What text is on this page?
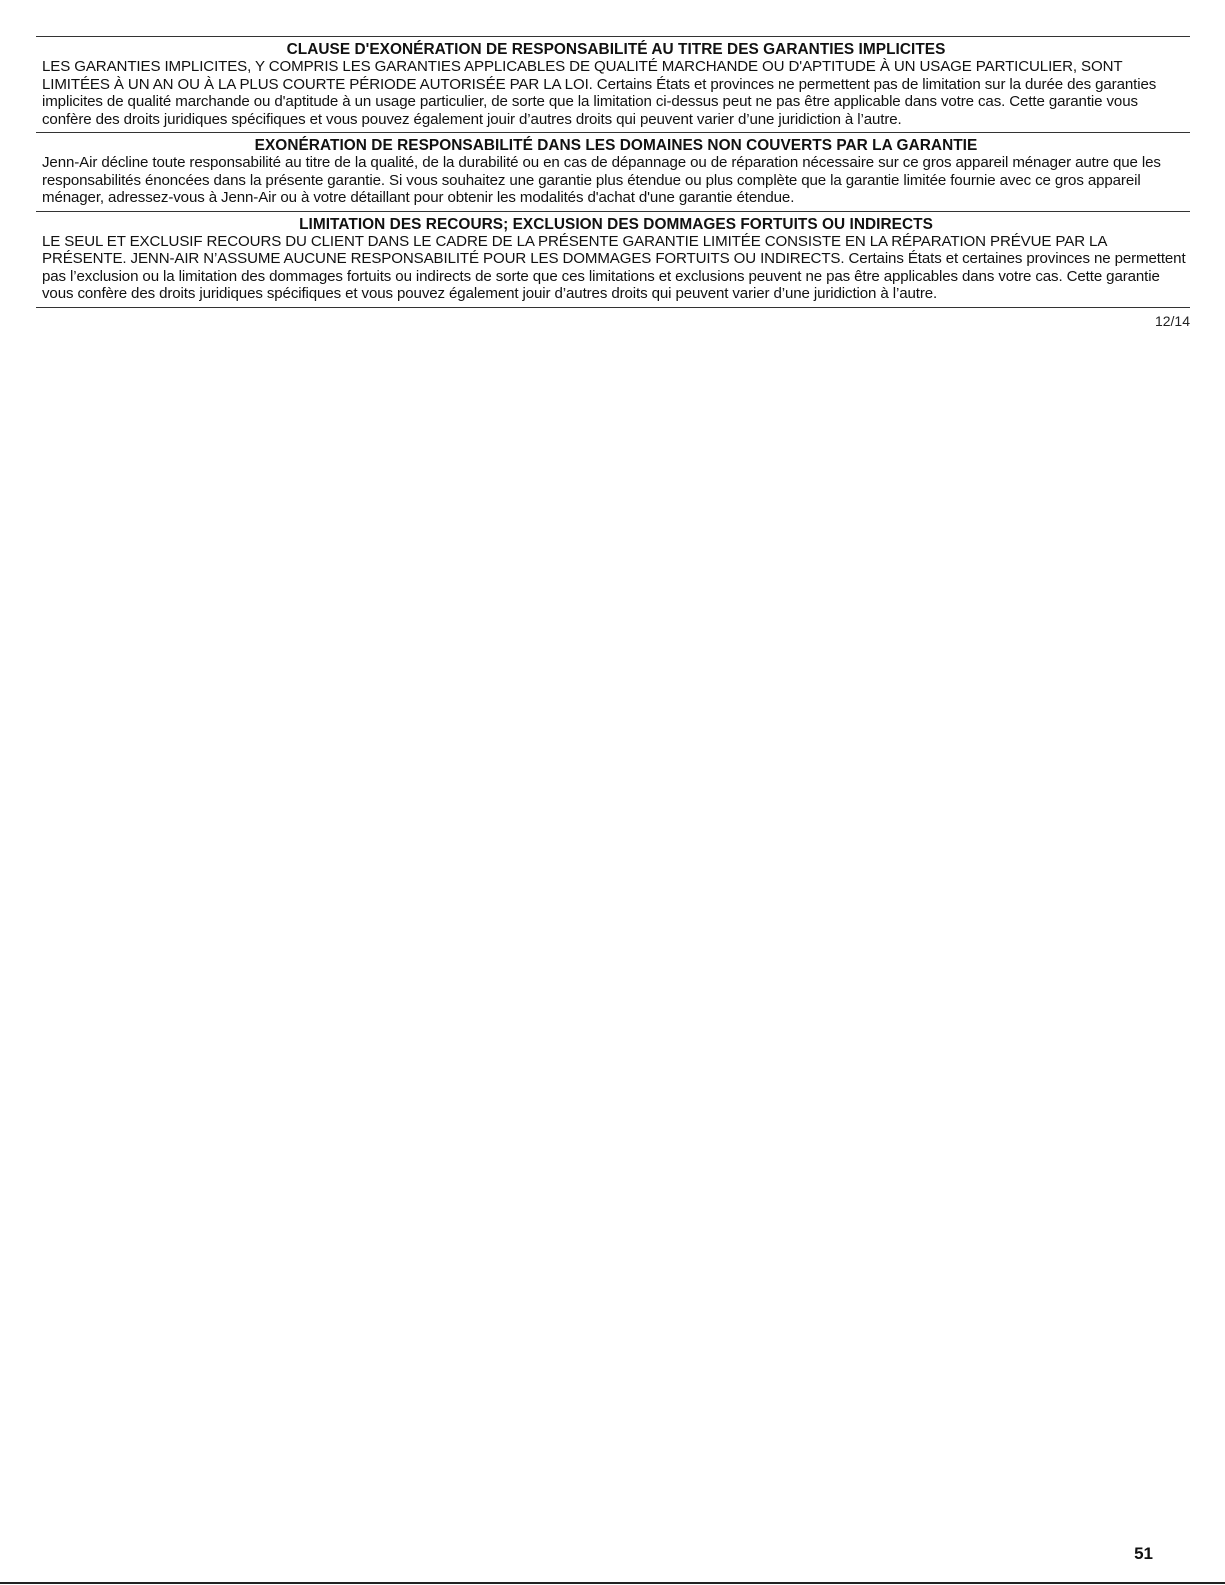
CLAUSE D'EXONÉRATION DE RESPONSABILITÉ AU TITRE DES GARANTIES IMPLICITES

LES GARANTIES IMPLICITES, Y COMPRIS LES GARANTIES APPLICABLES DE QUALITÉ MARCHANDE OU D'APTITUDE À UN USAGE PARTICULIER, SONT LIMITÉES À UN AN OU À LA PLUS COURTE PÉRIODE AUTORISÉE PAR LA LOI. Certains États et provinces ne permettent pas de limitation sur la durée des garanties implicites de qualité marchande ou d'aptitude à un usage particulier, de sorte que la limitation ci-dessus peut ne pas être applicable dans votre cas. Cette garantie vous confère des droits juridiques spécifiques et vous pouvez également jouir d’autres droits qui peuvent varier d’une juridiction à l’autre.

EXONÉRATION DE RESPONSABILITÉ DANS LES DOMAINES NON COUVERTS PAR LA GARANTIE

Jenn-Air décline toute responsabilité au titre de la qualité, de la durabilité ou en cas de dépannage ou de réparation nécessaire sur ce gros appareil ménager autre que les responsabilités énoncées dans la présente garantie. Si vous souhaitez une garantie plus étendue ou plus complète que la garantie limitée fournie avec ce gros appareil ménager, adressez-vous à Jenn-Air ou à votre détaillant pour obtenir les modalités d'achat d'une garantie étendue.

LIMITATION DES RECOURS; EXCLUSION DES DOMMAGES FORTUITS OU INDIRECTS

LE SEUL ET EXCLUSIF RECOURS DU CLIENT DANS LE CADRE DE LA PRÉSENTE GARANTIE LIMITÉE CONSISTE EN LA RÉPARATION PRÉVUE PAR LA PRÉSENTE. JENN-AIR N’ASSUME AUCUNE RESPONSABILITÉ POUR LES DOMMAGES FORTUITS OU INDIRECTS. Certains États et certaines provinces ne permettent pas l’exclusion ou la limitation des dommages fortuits ou indirects de sorte que ces limitations et exclusions peuvent ne pas être applicables dans votre cas. Cette garantie vous confère des droits juridiques spécifiques et vous pouvez également jouir d’autres droits qui peuvent varier d’une juridiction à l’autre.

12/14
51
